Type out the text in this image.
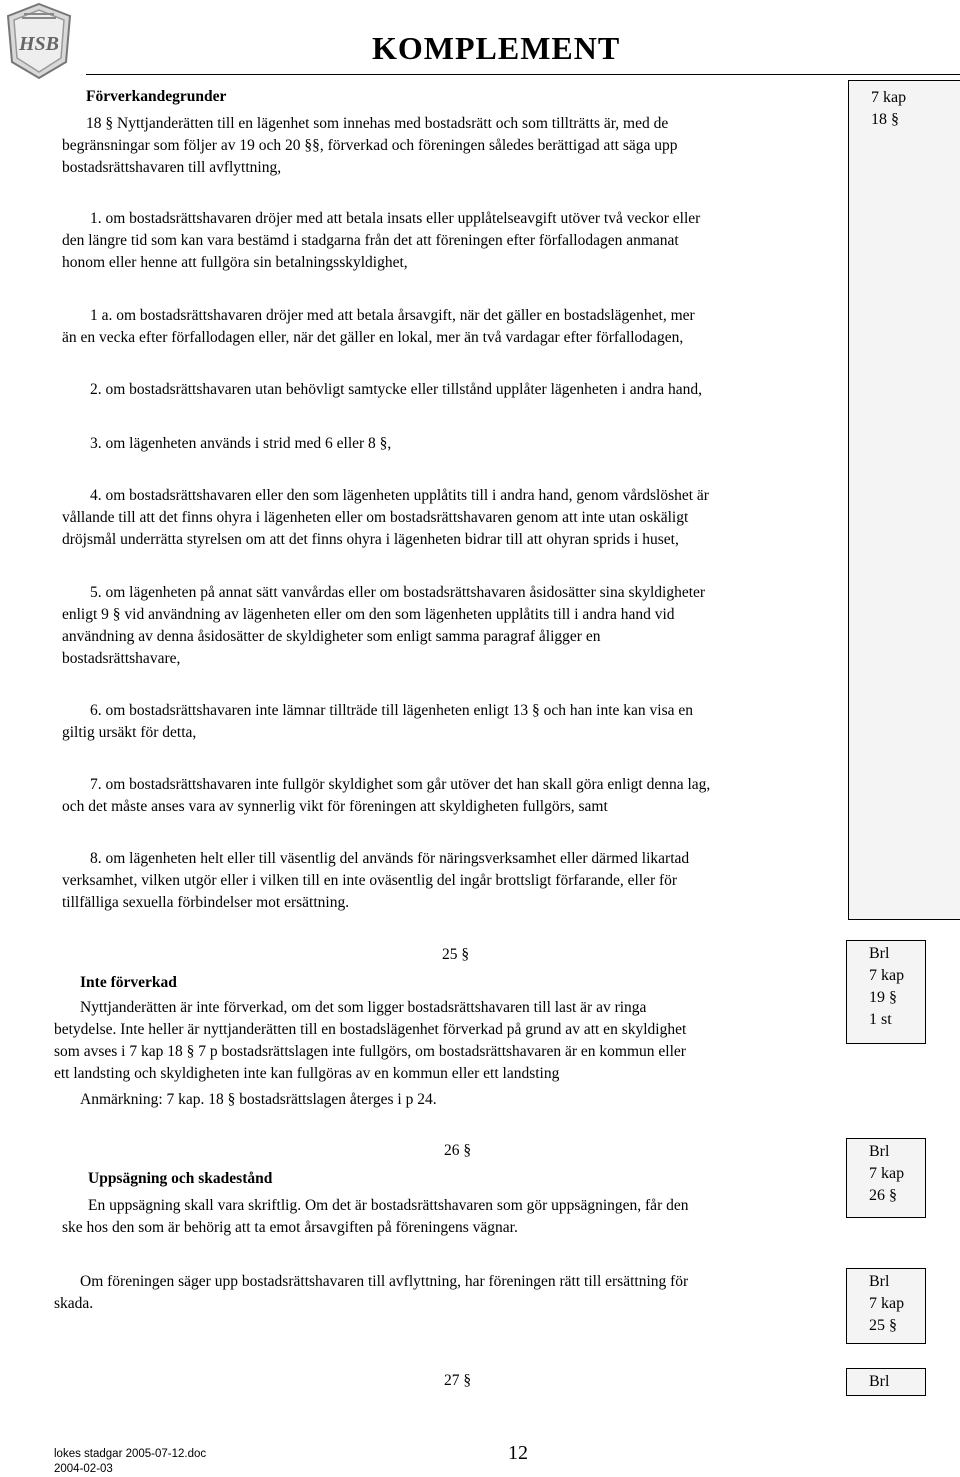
HSB	KOMPLEMENT
7 kap
18 §
Förverkandegrunder
18 § Nyttjanderätten till en lägenhet som innehas med bostadsrätt och som tillträtts är, med de
begränsningar som följer av 19 och 20 §§, förverkad och föreningen således berättigad att säga upp
bostadsrättshavaren till avflyttning,
1. om bostadsrättshavaren dröjer med att betala insats eller upplåtelseavgift utöver två veckor eller
den längre tid som kan vara bestämd i stadgarna från det att föreningen efter förfallodagen anmanat
honom eller henne att fullgöra sin betalningsskyldighet,
1 a. om bostadsrättshavaren dröjer med att betala årsavgift, när det gäller en bostadslägenhet, mer
än en vecka efter förfallodagen eller, när det gäller en lokal, mer än två vardagar efter förfallodagen,
2. om bostadsrättshavaren utan behövligt samtycke eller tillstånd upplåter lägenheten i andra hand,
3. om lägenheten används i strid med 6 eller 8 §,
4. om bostadsrättshavaren eller den som lägenheten upplåtits till i andra hand, genom vårdslöshet är
vållande till att det finns ohyra i lägenheten eller om bostadsrättshavaren genom att inte utan oskäligt
dröjsmål underrätta styrelsen om att det finns ohyra i lägenheten bidrar till att ohyran sprids i huset,
5. om lägenheten på annat sätt vanvårdas eller om bostadsrättshavaren åsidosätter sina skyldigheter
enligt 9 § vid användning av lägenheten eller om den som lägenheten upplåtits till i andra hand vid
användning av denna åsidosätter de skyldigheter som enligt samma paragraf åligger en
bostadsrättshavare,
6. om bostadsrättshavaren inte lämnar tillträde till lägenheten enligt 13 § och han inte kan visa en
giltig ursäkt för detta,
7. om bostadsrättshavaren inte fullgör skyldighet som går utöver det han skall göra enligt denna lag,
och det måste anses vara av synnerlig vikt för föreningen att skyldigheten fullgörs, samt
8. om lägenheten helt eller till väsentlig del används för näringsverksamhet eller därmed likartad
verksamhet, vilken utgör eller i vilken till en inte oväsentlig del ingår brottsligt förfarande, eller för
tillfälliga sexuella förbindelser mot ersättning.
25 §	Brl
7 kap
19 §
1 st
Inte förverkad
Nyttjanderätten är inte förverkad, om det som ligger bostadsrättshavaren till last är av ringa
betydelse. Inte heller är nyttjanderätten till en bostadslägenhet förverkad på grund av att en skyldighet
som avses i 7 kap 18 § 7 p bostadsrättslagen inte fullgörs, om bostadsrättshavaren är en kommun eller
ett landsting och skyldigheten inte kan fullgöras av en kommun eller ett landsting
Anmärkning: 7 kap. 18 § bostadsrättslagen återges i p 24.
26 §	Brl
7 kap
26 §
Uppsägning och skadestånd
En uppsägning skall vara skriftlig. Om det är bostadsrättshavaren som gör uppsägningen, får den
ske hos den som är behörig att ta emot årsavgiften på föreningens vägnar.
Brl
7 kap
25 §
Om föreningen säger upp bostadsrättshavaren till avflyttning, har föreningen rätt till ersättning för
skada.
27 §	Brl
lokes stadgar 2005-07-12.doc
2004-02-03
12
